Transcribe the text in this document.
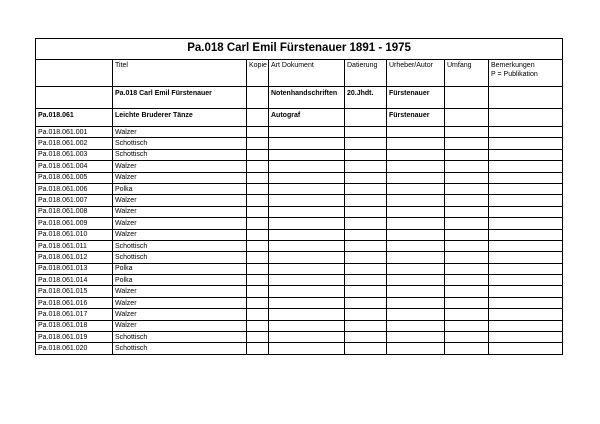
Pa.018 Carl Emil Fürstenauer 1891 - 1975							
	Titel	Kopie	Art Dokument	Datierung	Urheber/Autor	Umfang	Bemerkungen
P = Publikation
	Pa.018 Carl Emil Fürstenauer		Notenhandschriften	20.Jhdt.	Fürstenauer		
Pa.018.061	Leichte Bruderer Tänze		Autograf		Fürstenauer		
Pa.018.061.001	Walzer						
Pa.018.061.002	Schottisch						
Pa.018.061.003	Schottisch						
Pa.018.061.004	Walzer						
Pa.018.061.005	Walzer						
Pa.018.061.006	Polka						
Pa.018.061.007	Walzer						
Pa.018.061.008	Walzer						
Pa.018.061.009	Walzer						
Pa.018.061.010	Walzer						
Pa.018.061.011	Schottisch						
Pa.018.061.012	Schottisch						
Pa.018.061.013	Polka						
Pa.018.061.014	Polka						
Pa.018.061.015	Walzer						
Pa.018.061.016	Walzer						
Pa.018.061.017	Walzer						
Pa.018.061.018	Walzer						
Pa.018.061.019	Schottisch						
Pa.018.061.020	Schottisch						
